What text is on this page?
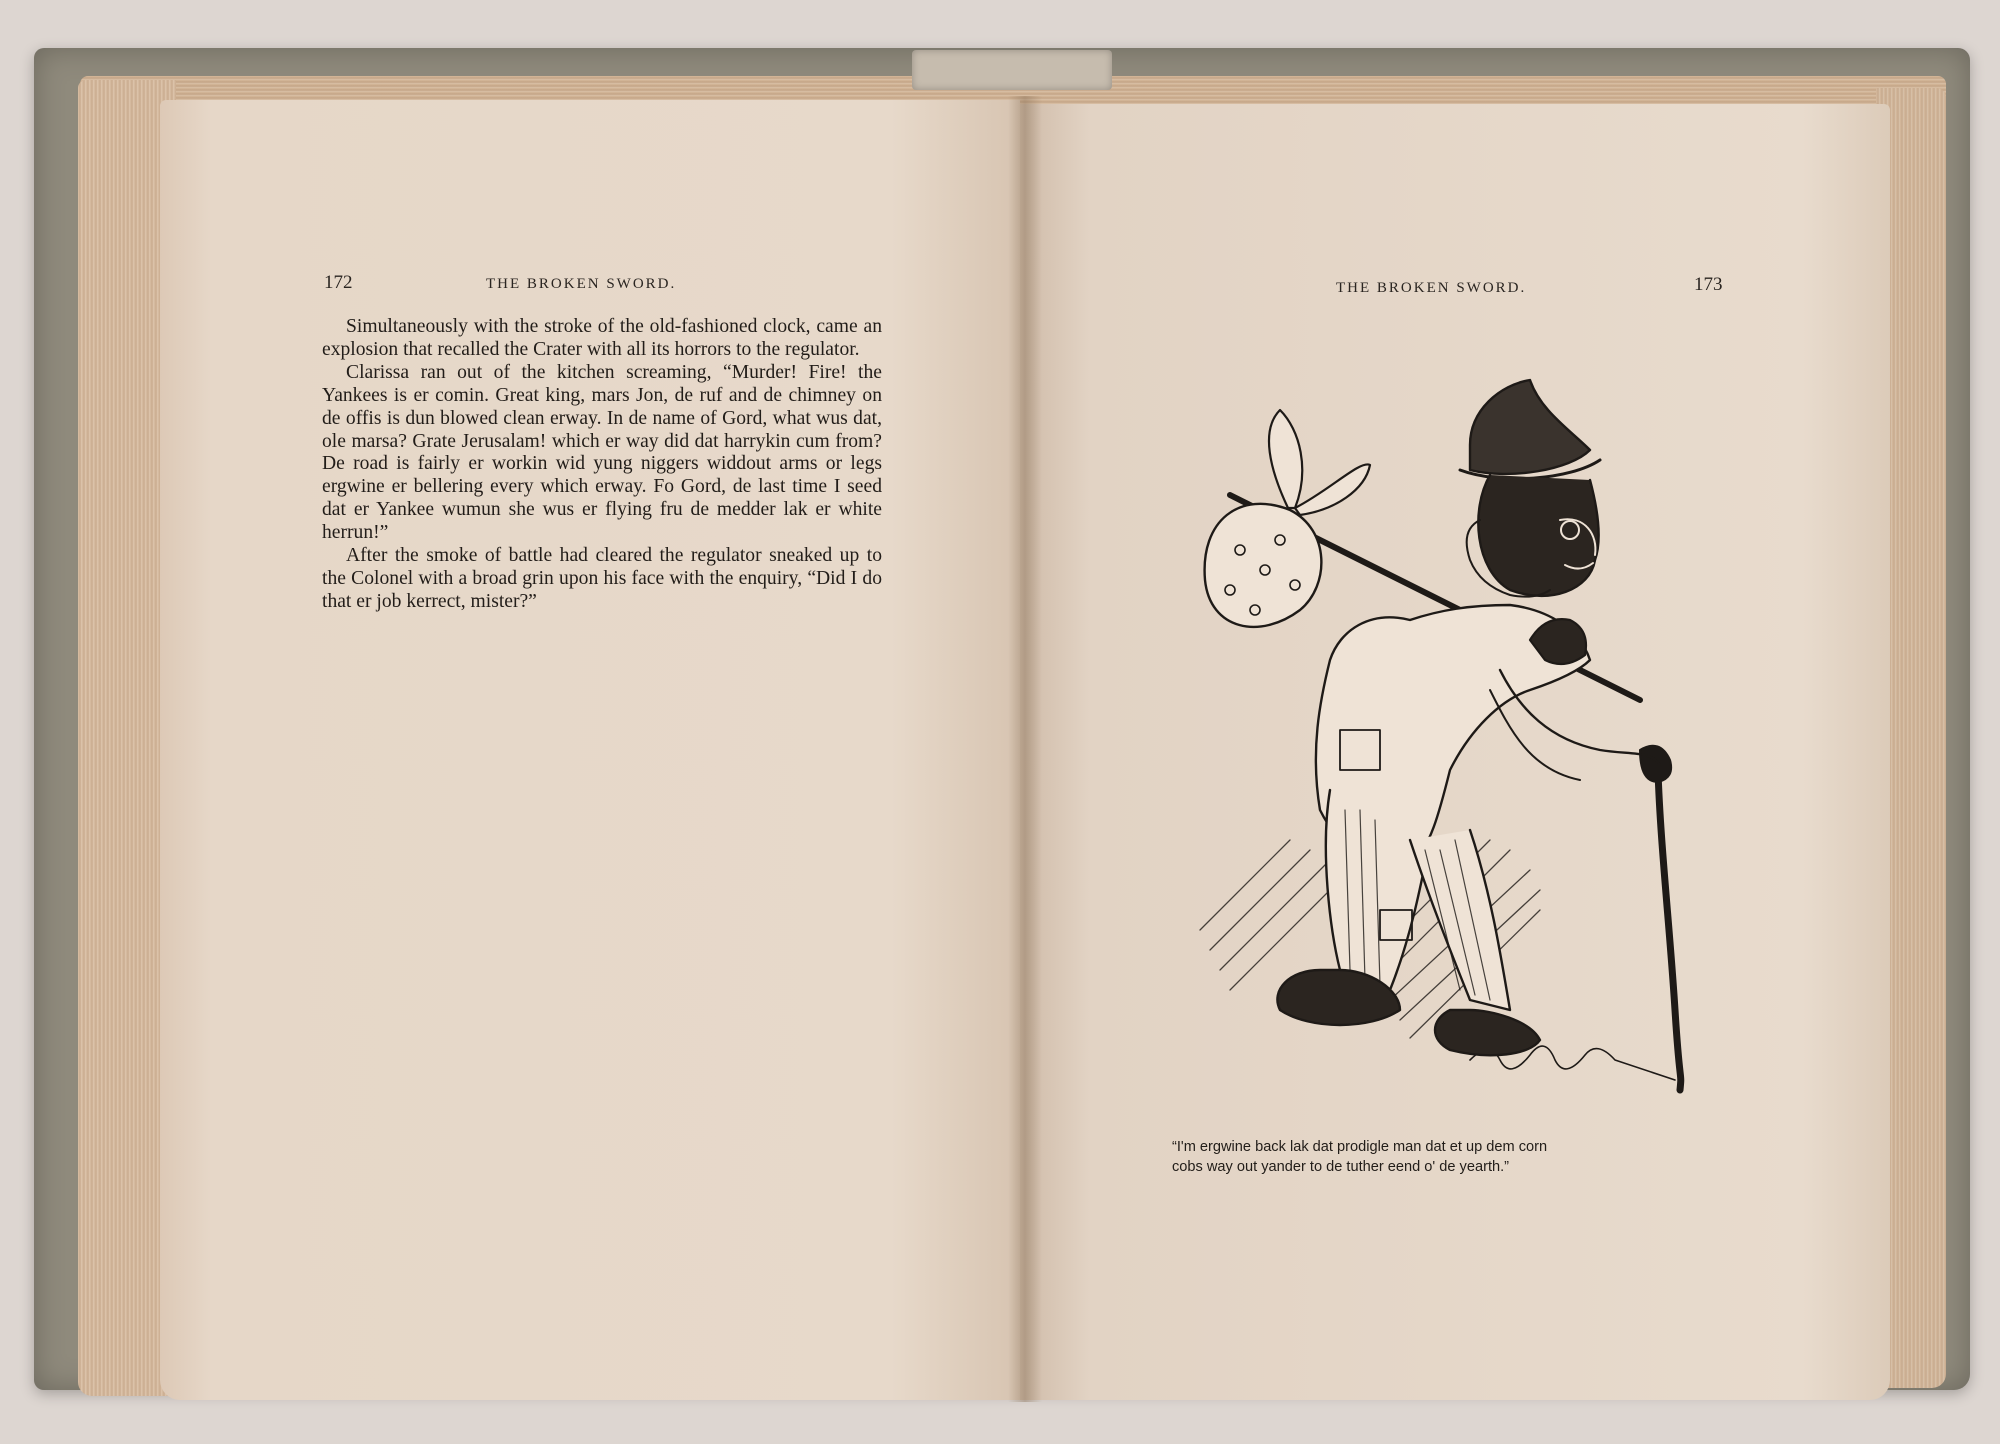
172	THE BROKEN SWORD.

Simultaneously with the stroke of the old-fashioned clock, came an explosion that recalled the Crater with all its horrors to the regulator.

Clarissa ran out of the kitchen screaming, “Murder! Fire! the Yankees is er comin. Great king, mars Jon, de ruf and de chimney on de offis is dun blowed clean erway. In de name of Gord, what wus dat, ole marsa? Grate Jerusalam! which er way did dat harrykin cum from? De road is fairly er workin wid yung niggers widdout arms or legs ergwine er bellering every which erway. Fo Gord, de last time I seed dat er Yankee wumun she wus er flying fru de medder lak er white herrun!”

After the smoke of battle had cleared the regulator sneaked up to the Colonel with a broad grin upon his face with the enquiry, “Did I do that er job kerrect, mister?”

THE BROKEN SWORD.	173

“I'm ergwine back lak dat prodigle man dat et up dem corn

cobs way out yander to de tuther eend o' de yearth.”
